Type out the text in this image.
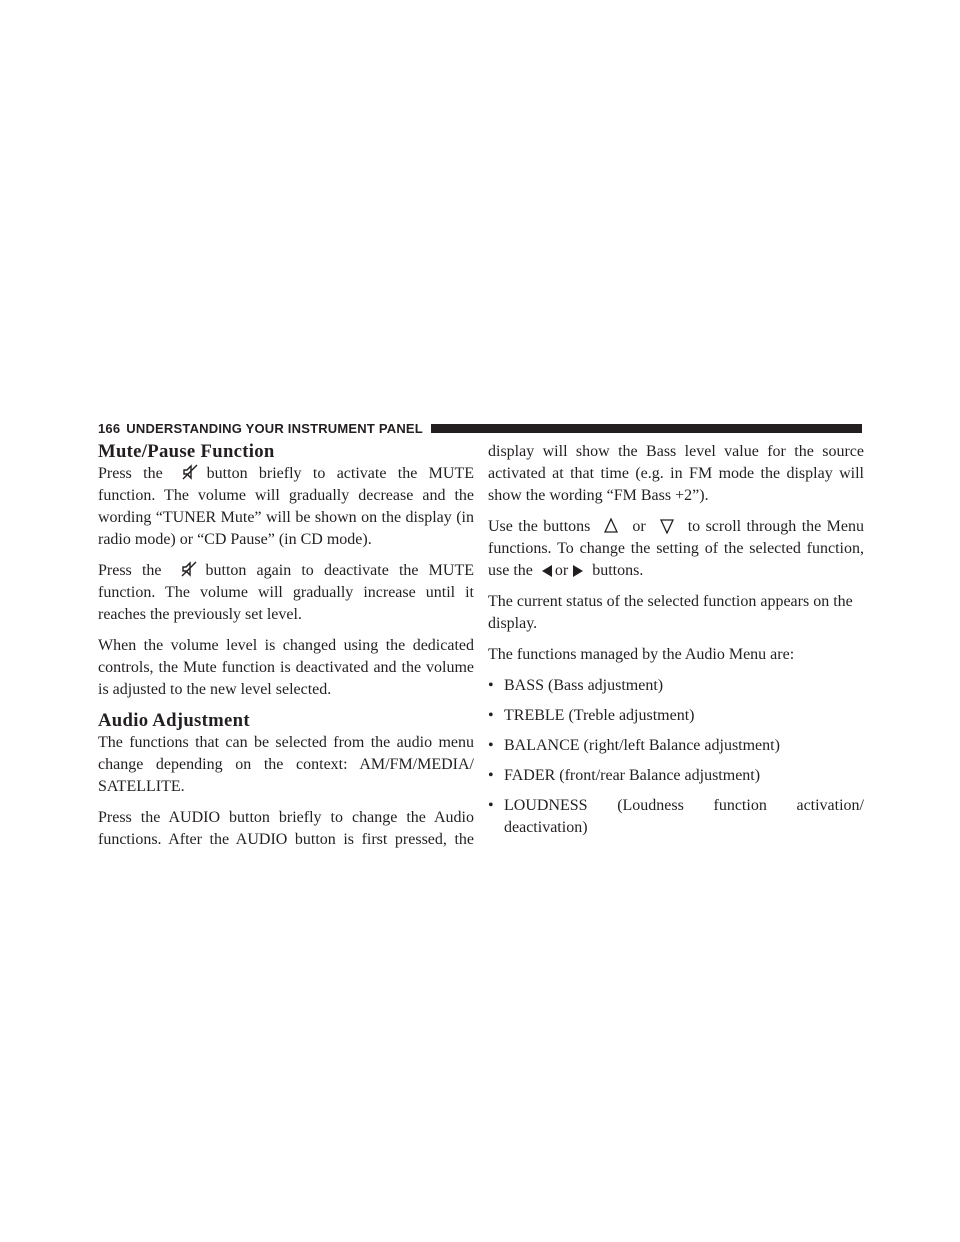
166 UNDERSTANDING YOUR INSTRUMENT PANEL
Mute/Pause Function

Press the	button briefly to activate the MUTE function. The volume will gradually decrease and the wording “TUNER Mute” will be shown on the display (in radio mode) or “CD Pause” (in CD mode).

Press the	button again to deactivate the MUTE function. The volume will gradually increase until it reaches the previously set level.

When the volume level is changed using the dedicated controls, the Mute function is deactivated and the volume is adjusted to the new level selected.

Audio Adjustment

The functions that can be selected from the audio menu change depending on the context: AM/FM/MEDIA/ SATELLITE.

Press the AUDIO button briefly to change the Audio functions. After the AUDIO button is first pressed, the

display will show the Bass level value for the source activated at that time (e.g. in FM mode the display will show the wording “FM Bass +2”).

Use the buttons	or	to scroll through the Menu functions. To change the setting of the selected function, use the or buttons.

The current status of the selected function appears on the display.

The functions managed by the Audio Menu are:

• BASS (Bass adjustment)
• TREBLE (Treble adjustment)
• BALANCE (right/left Balance adjustment)
• FADER (front/rear Balance adjustment)
• LOUDNESS (Loudness function activation/ deactivation)
